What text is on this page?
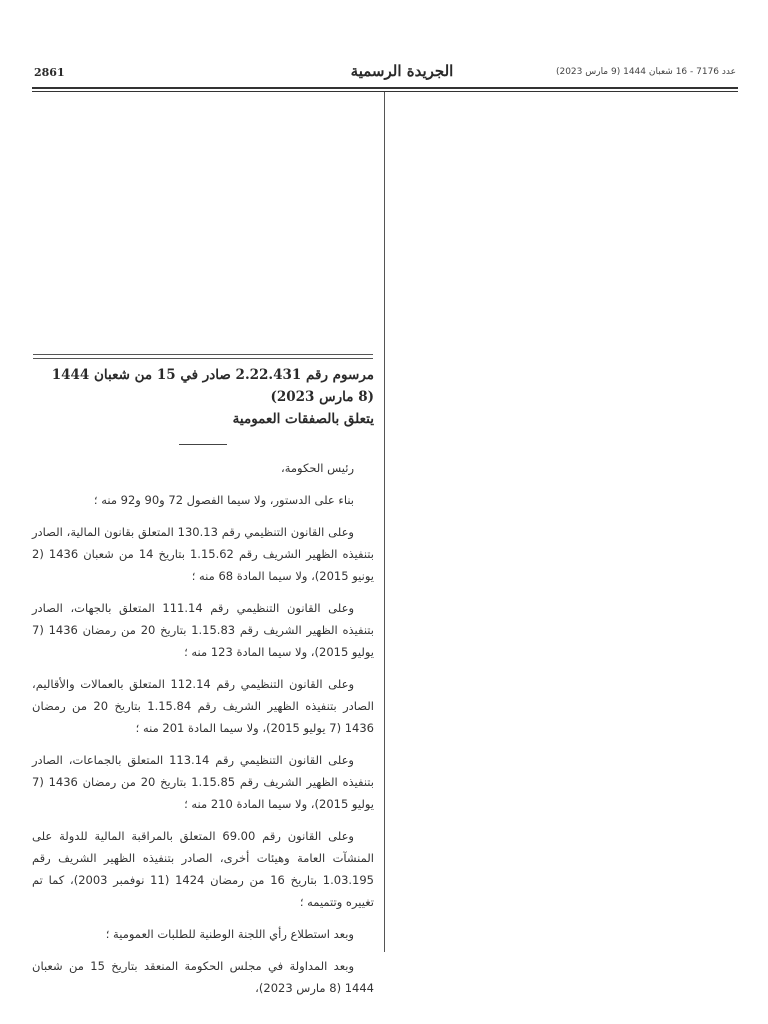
2861	الجريدة الرسمية	عدد 7176 - 16 شعبان 1444 (9 مارس 2023)

مرسوم رقم 2.22.431 صادر في 15 من شعبان 1444 (8 مارس 2023)
يتعلق بالصفقات العمومية

رئيس الحكومة،

بناء على الدستور، ولا سيما الفصول 72 و90 و92 منه ؛

وعلى القانون التنظيمي رقم 130.13 المتعلق بقانون المالية، الصادر بتنفيذه الظهير الشريف رقم 1.15.62 بتاريخ 14 من شعبان 1436 (2 يونيو 2015)، ولا سيما المادة 68 منه ؛

وعلى القانون التنظيمي رقم 111.14 المتعلق بالجهات، الصادر بتنفيذه الظهير الشريف رقم 1.15.83 بتاريخ 20 من رمضان 1436 (7 يوليو 2015)، ولا سيما المادة 123 منه ؛

وعلى القانون التنظيمي رقم 112.14 المتعلق بالعمالات والأقاليم، الصادر بتنفيذه الظهير الشريف رقم 1.15.84 بتاريخ 20 من رمضان 1436 (7 يوليو 2015)، ولا سيما المادة 201 منه ؛

وعلى القانون التنظيمي رقم 113.14 المتعلق بالجماعات، الصادر بتنفيذه الظهير الشريف رقم 1.15.85 بتاريخ 20 من رمضان 1436 (7 يوليو 2015)، ولا سيما المادة 210 منه ؛

وعلى القانون رقم 69.00 المتعلق بالمراقبة المالية للدولة على المنشآت العامة وهيئات أخرى، الصادر بتنفيذه الظهير الشريف رقم 1.03.195 بتاريخ 16 من رمضان 1424 (11 نوفمبر 2003)، كما تم تغييره وتتميمه ؛

وبعد استطلاع رأي اللجنة الوطنية للطلبات العمومية ؛

وبعد المداولة في مجلس الحكومة المنعقد بتاريخ 15 من شعبان 1444 (8 مارس 2023)،
